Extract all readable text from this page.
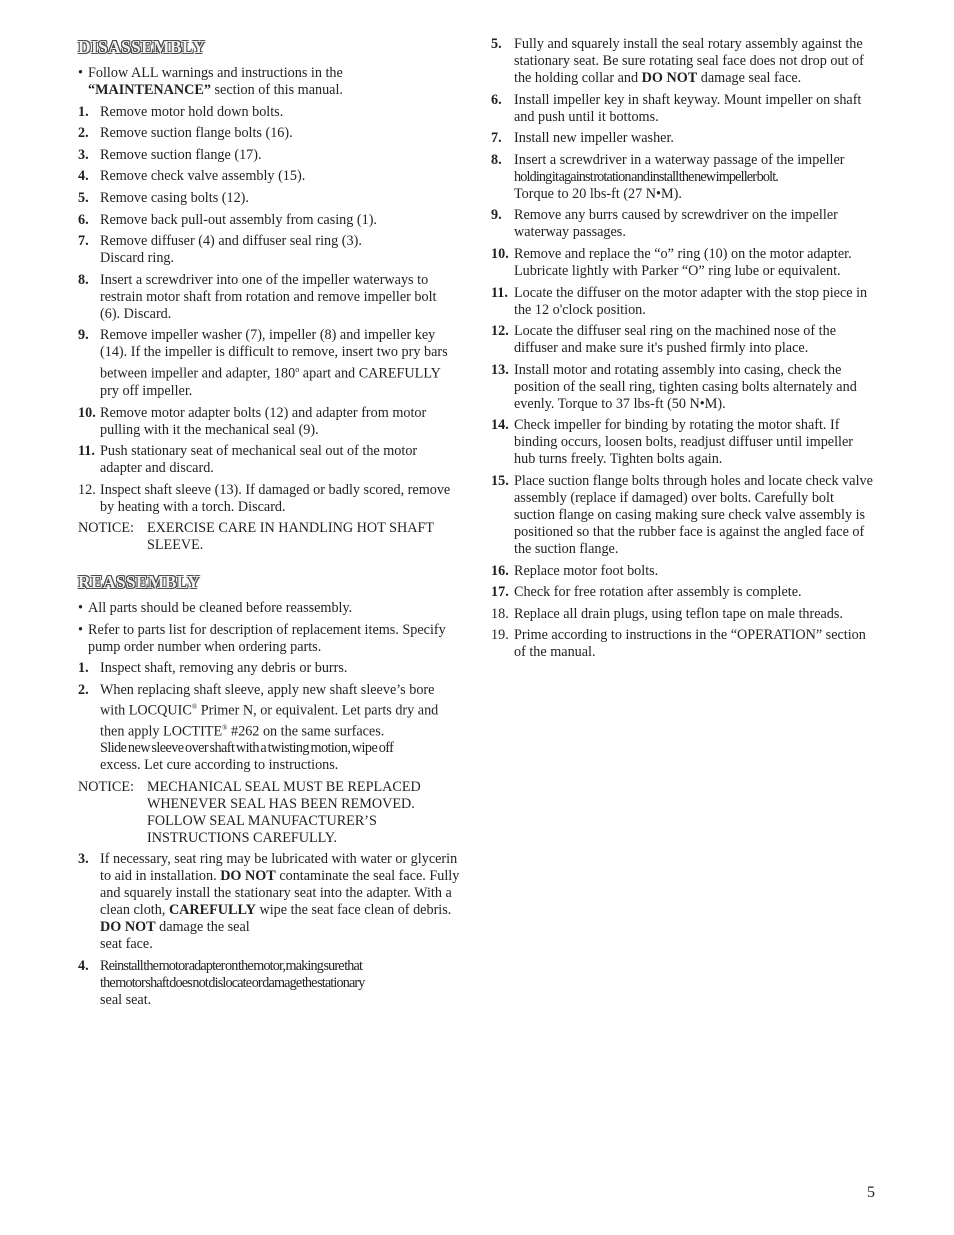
DISASSEMBLY
• Follow ALL warnings and instructions in the
“MAINTENANCE” section of this manual.
1. Remove motor hold down bolts.
2. Remove suction flange bolts (16).
3. Remove suction flange (17).
4. Remove check valve assembly (15).
5. Remove casing bolts (12).
6. Remove back pull-out assembly from casing (1).
7. Remove diffuser (4) and diffuser seal ring (3).
Discard ring.
8. Insert a screwdriver into one of the impeller waterways to restrain motor shaft from rotation and remove impeller bolt (6). Discard.
9. Remove impeller washer (7), impeller (8) and impeller key (14). If the impeller is difficult to remove, insert two pry bars between impeller and adapter, 180$^o$ apart and CAREFULLY pry off impeller.
10. Remove motor adapter bolts (12) and adapter from motor pulling with it the mechanical seal (9).
11. Push stationary seat of mechanical seal out of the motor adapter and discard.
12. Inspect shaft sleeve (13). If damaged or badly scored, remove by heating with a torch. Discard.
NOTICE: EXERCISE CARE IN HANDLING HOT SHAFT SLEEVE.
REASSEMBLY
• All parts should be cleaned before reassembly.
• Refer to parts list for description of replacement items. Specify pump order number when ordering parts.
1. Inspect shaft, removing any debris or burrs.
2. When replacing shaft sleeve, apply new shaft sleeve’s bore with LOCQUIC® Primer N, or equivalent. Let parts dry and then apply LOCTITE® #262 on the same surfaces.
Slide new sleeve over shaft with a twisting motion, wipe off
excess. Let cure according to instructions.
NOTICE: MECHANICAL SEAL MUST BE REPLACED WHENEVER SEAL HAS BEEN REMOVED. FOLLOW SEAL MANUFACTURER’S INSTRUCTIONS CAREFULLY.
3. If necessary, seat ring may be lubricated with water or glycerin to aid in installation. DO NOT contaminate the seal face. Fully and squarely install the stationary seat into the adapter. With a clean cloth, CAREFULLY wipe the seat face clean of debris. DO NOT damage the seal
seat face.
4. Reinstall the motor adapter on the motor, making sure that
the motor shaft does not dislocate or damage the stationary
seal seat.
5. Fully and squarely install the seal rotary assembly against the stationary seat. Be sure rotating seal face does not drop out of the holding collar and DO NOT damage seal face.
6. Install impeller key in shaft keyway. Mount impeller on shaft and push until it bottoms.
7. Install new impeller washer.
8. Insert a screwdriver in a waterway passage of the impeller
holding it against rotation and install the new impeller bolt.
Torque to 20 lbs-ft (27 N•M).
9. Remove any burrs caused by screwdriver on the impeller waterway passages.
10. Remove and replace the “o” ring (10) on the motor adapter. Lubricate lightly with Parker “O” ring lube or equivalent.
11. Locate the diffuser on the motor adapter with the stop piece in the 12 o'clock position.
12. Locate the diffuser seal ring on the machined nose of the diffuser and make sure it's pushed firmly into place.
13. Install motor and rotating assembly into casing, check the position of the seall ring, tighten casing bolts alternately and evenly. Torque to 37 lbs-ft (50 N•M).
14. Check impeller for binding by rotating the motor shaft. If binding occurs, loosen bolts, readjust diffuser until impeller hub turns freely. Tighten bolts again.
15. Place suction flange bolts through holes and locate check valve assembly (replace if damaged) over bolts. Carefully bolt suction flange on casing making sure check valve assembly is positioned so that the rubber face is against the angled face of the suction flange.
16. Replace motor foot bolts.
17. Check for free rotation after assembly is complete.
18. Replace all drain plugs, using teflon tape on male threads.
19. Prime according to instructions in the “OPERATION” section of the manual.
5
